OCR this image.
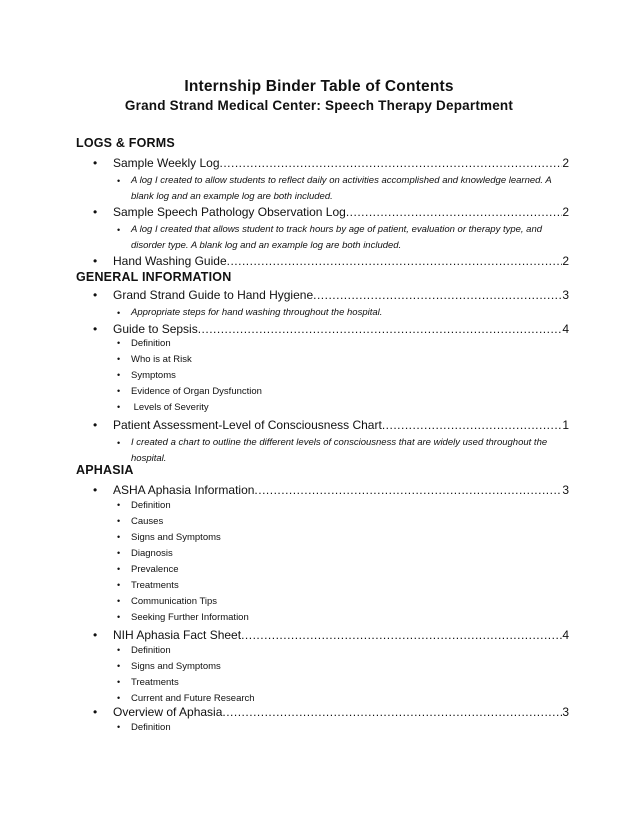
Internship Binder Table of Contents
Grand Strand Medical Center: Speech Therapy Department
LOGS & FORMS
•	Sample Weekly Log .....	2
•	A log I created to allow students to reflect daily on activities accomplished and knowledge learned. A blank log and an example log are both included.
•	Sample Speech Pathology Observation Log .....	2
•	A log I created that allows student to track hours by age of patient, evaluation or therapy type, and disorder type. A blank log and an example log are both included.
•	Hand Washing Guide .....	2
GENERAL INFORMATION
•	Grand Strand Guide to Hand Hygiene .....	3
•	Appropriate steps for hand washing throughout the hospital.
•	Guide to Sepsis .....	4
• Definition
• Who is at Risk
• Symptoms
• Evidence of Organ Dysfunction
• Levels of Severity
•	Patient Assessment-Level of Consciousness Chart .....	1
•	I created a chart to outline the different levels of consciousness that are widely used throughout the hospital.
APHASIA
•	ASHA Aphasia Information .....	3
• Definition
• Causes
• Signs and Symptoms
• Diagnosis
• Prevalence
• Treatments
• Communication Tips
• Seeking Further Information
•	NIH Aphasia Fact Sheet .....	4
• Definition
• Signs and Symptoms
• Treatments
• Current and Future Research
•	Overview of Aphasia .....	3
• Definition
